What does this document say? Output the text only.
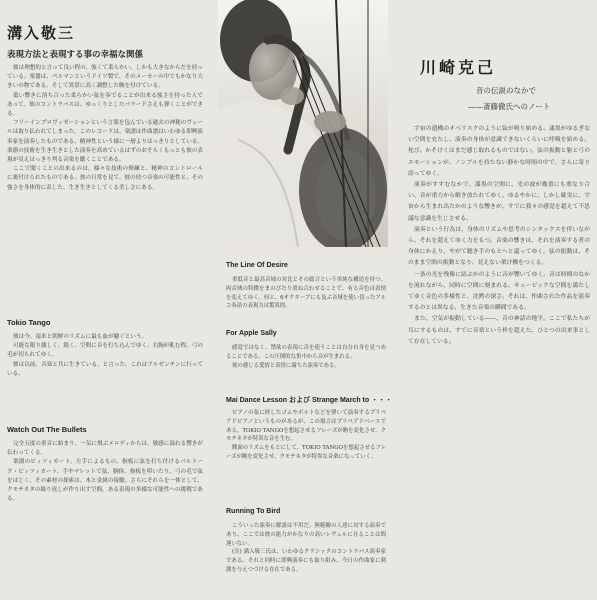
溝入敬三
表現方法と表現する事の幸福な関係

彼は理想的と言って良い程の、強くて柔らかい、しかも大きなからだを持っている。楽器は、ペルマンというドイツ製で、そのメーカーの中でもかなり大きいの物である。そして異常に高く調整した駒を付けている。

低い響きに溶ち合った柔らかい弦を奏でることが出来る強さを持った人であって、彼のコントラバスは、ゆっくりとしたバラードさえも弾くことができる。

フリーインプロヴィゼーションという言葉を包んでいる過去の神秘のヴェールは取り払われてしまった。このレコードは、楽譜は作曲譜はいわゆる即興演奏家を演奏したものである。精神性という様に一層よりはっきりとしている。楽器の技術を生き生きとした演奏を高めているはずのおそらくもっとも彼の表現が見えはっきり判る音楽を聴くことである。

ここで聞くことの出来るのは、様々な技術の修練と、精神のコントロールに裏付けられたものである。彼の日常を見て、彼の持つ音楽の可能性と、その強さを身体的に表した、生き生きとしてくる美しさにある。

Tokio Tango

彼は今、南米と朝鮮のリズムに最も血が騒ぐという。

可能な限り激しく、鋭く、空間に音を打ち込んでゆく。右腕が軋む程、弓の毛が切られてゆく。

彼は以前、音楽と共に生きている、と言った。これはアルゼンチンに行っている。

Watch Out The Bullets

完全五度の重音に始まり、一気に飛ぶメロディからは、敏感に溢れる響きが伝わってくる。

楽器のピィツィカート、左手によるもの、指板に弦を打ち付けるバルトーク・ピィツィカート、手やマレットで弦、胴体、指板を叩いたり、弓の毛で弦をはじく、その素材の探索は、木と金属の接触。さらにそれらを一体として、クモチネタの繰り返しが作り出す空間、ある表現の多様な可能性への挑戦である。

The Line Of Desire

重低音と最高音域の対比とその総合という単純な構造を持つ。両音域の特徴をまのびたり重ね合わせることで、有る音色は表情を変えてゆく。何と、6オクターブにも及ぶ音域を使い切ったアルコ奏法の表現力は驚異的。

For Apple Sally

感覚ではなく、禁欲の表現に音を使うことは自分自身を見つめることである。この圧倒的な集中から音が生まれる。

彼の感じる愛情と表情に満ちた演奏である。

Mai Dance Lesson および Strange March to ・・・

ピアノの弦に挟したゴムやボルトなどを弾いて演奏するプリペアドピアノというものがあるが、この場合はプリペアドベースである。TOKIO TANGOを想起させるフレーズが駒を変化させ、クモチネタが特異な音を生む。

側面のリズムをもとにして、TOKIO TANGOを想起させるフレーズが駒を変化させ、クモチネタが特異な音楽になっていく。

Running To Bird

こういった演奏に解説は不用だ。無範疇の人達に対する演奏であり、ここでは彼の能力がかなりの高いレヴェルに在ることは間違いない。

(註) 溝入敬三氏は、いわゆるクラシックのコントラバス演奏家である。それと同時に即興演奏にも取り組み、今日の作曲家に刺激を与えつづける存在である。

川崎克己
音の伝説のなかで
——斎藤徹氏へのノート

宇宙の遺構のオベリスクのように弦が鳴り始める。漆黒がゆるぎない空間を充たし、演奏の身体が意識できないくらいに呼吸を始める。侘び、かそけくはまだ感じ取れるものではない。弦の振動と躯と弓のエモーションが、ノンブルを持たない静かな時間の中で、さらに寄り添ってゆく。

演奏がすすむなかで、漆黒の空間に、光の波が幾重にも重なり合い、音が重力から解き放たれてゆく。ゆるやかに、しかし確実に、宇宙から生まれ出たかのような響きが、すでに我々の感覚を超えて不思議な意識を生じさせる。

演奏という行為は、身体のリズムや思考のシンタックスを伴いながら、それを超えてゆく力をもつ。音楽の響きは、それを演奏する者の身体にかえり、やがて聴き手のもとへと還ってゆく。弦の振動は、そのまま空間の振動となり、見えない架け橋をつくる。

一条の光を残像に結ぶかのように音が響いてゆく。音は時間のなかを流れながら、同時に空間に刻まれる。キュービックな空間を満たしてゆく音色の多様性と、沈黙の深さ。それは、作曲された作品を演奏するのとは異なる、生きた音楽の瞬間である。

また、空気が振動している——、音の神話の地平。ここで私たちが耳にするものは、すでに音楽という枠を超えた、ひとつの出来事として存在している。
